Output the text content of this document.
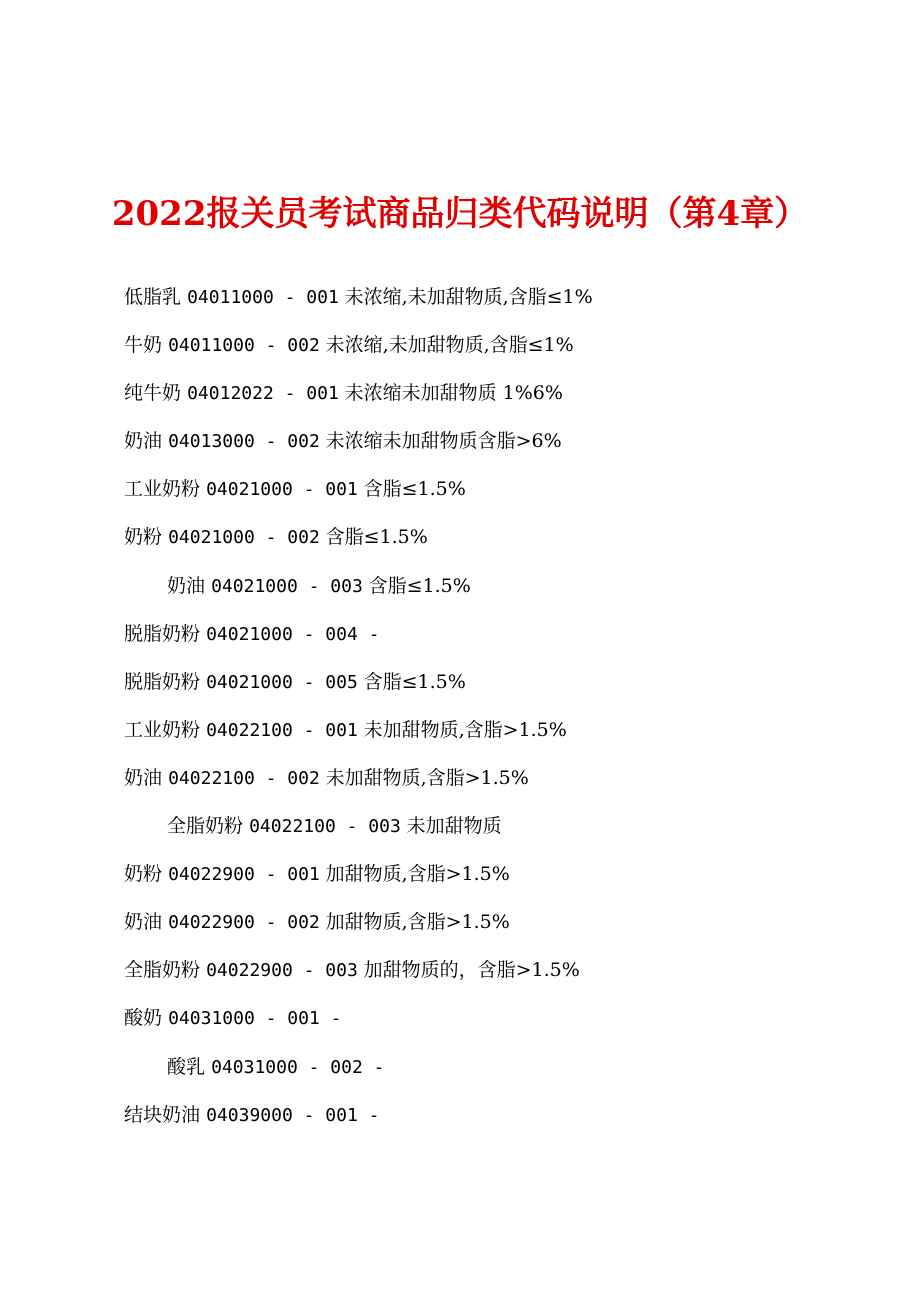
2022报关员考试商品归类代码说明（第4章）
低脂乳 04011000 - 001 未浓缩,未加甜物质,含脂≤1%
牛奶 04011000 - 002 未浓缩,未加甜物质,含脂≤1%
纯牛奶 04012022 - 001 未浓缩未加甜物质 1%6%
奶油 04013000 - 002 未浓缩未加甜物质含脂>6%
工业奶粉 04021000 - 001 含脂≤1.5%
奶粉 04021000 - 002 含脂≤1.5%
奶油 04021000 - 003 含脂≤1.5%
脱脂奶粉 04021000 - 004 -
脱脂奶粉 04021000 - 005 含脂≤1.5%
工业奶粉 04022100 - 001 未加甜物质,含脂>1.5%
奶油 04022100 - 002 未加甜物质,含脂>1.5%
全脂奶粉 04022100 - 003 未加甜物质
奶粉 04022900 - 001 加甜物质,含脂>1.5%
奶油 04022900 - 002 加甜物质,含脂>1.5%
全脂奶粉 04022900 - 003 加甜物质的，含脂>1.5%
酸奶 04031000 - 001 -
酸乳 04031000 - 002 -
结块奶油 04039000 - 001 -
